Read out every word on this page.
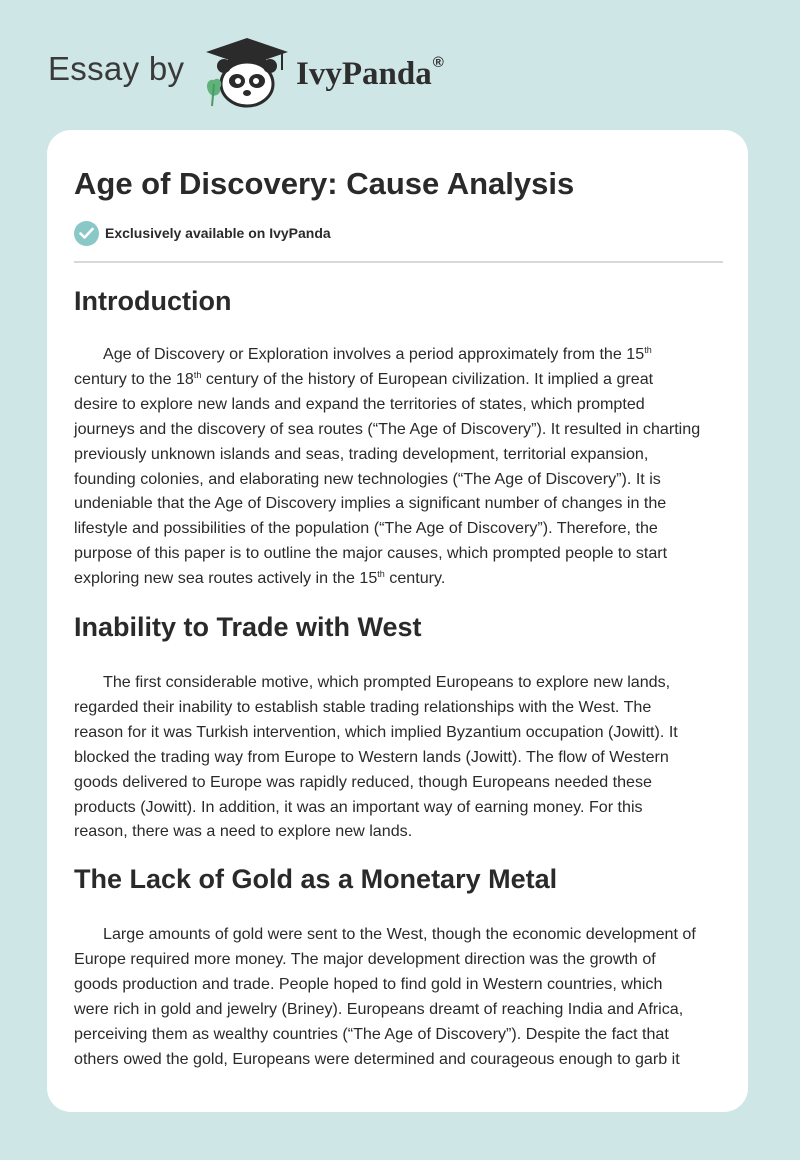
Essay by	IvyPanda®
Age of Discovery: Cause Analysis
Exclusively available on IvyPanda
Introduction
Age of Discovery or Exploration involves a period approximately from the 15th
century to the 18th century of the history of European civilization. It implied a great
desire to explore new lands and expand the territories of states, which prompted
journeys and the discovery of sea routes (“The Age of Discovery”). It resulted in charting
previously unknown islands and seas, trading development, territorial expansion,
founding colonies, and elaborating new technologies (“The Age of Discovery”). It is
undeniable that the Age of Discovery implies a significant number of changes in the
lifestyle and possibilities of the population (“The Age of Discovery”). Therefore, the
purpose of this paper is to outline the major causes, which prompted people to start
exploring new sea routes actively in the 15th century.
Inability to Trade with West
The first considerable motive, which prompted Europeans to explore new lands,
regarded their inability to establish stable trading relationships with the West. The
reason for it was Turkish intervention, which implied Byzantium occupation (Jowitt). It
blocked the trading way from Europe to Western lands (Jowitt). The flow of Western
goods delivered to Europe was rapidly reduced, though Europeans needed these
products (Jowitt). In addition, it was an important way of earning money. For this
reason, there was a need to explore new lands.
The Lack of Gold as a Monetary Metal
Large amounts of gold were sent to the West, though the economic development of
Europe required more money. The major development direction was the growth of
goods production and trade. People hoped to find gold in Western countries, which
were rich in gold and jewelry (Briney). Europeans dreamt of reaching India and Africa,
perceiving them as wealthy countries (“The Age of Discovery”). Despite the fact that
others owed the gold, Europeans were determined and courageous enough to garb it
